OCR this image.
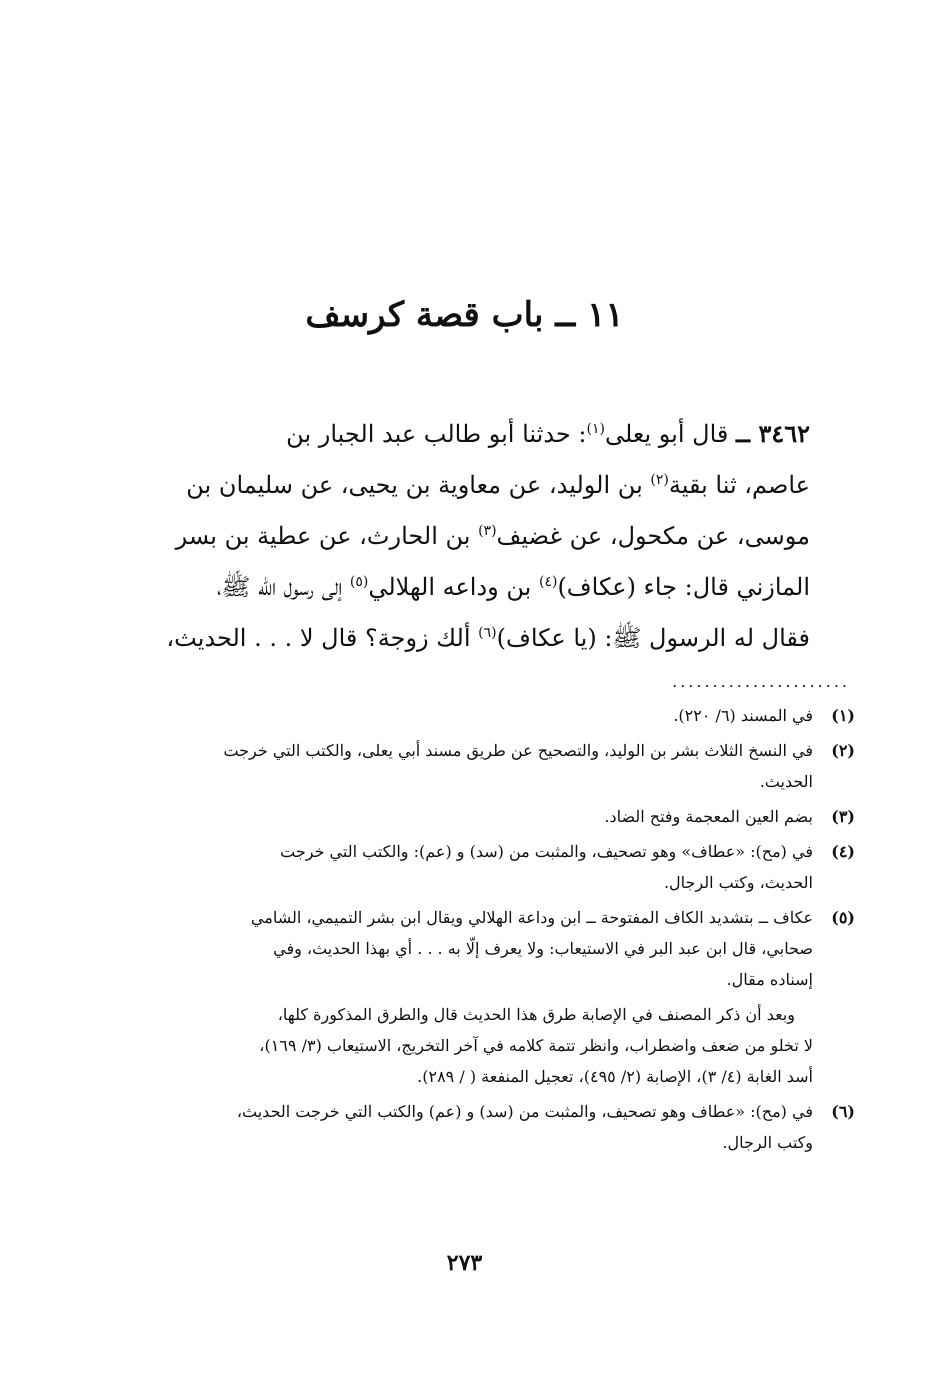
١١ ــ باب قصة كرسف
٣٤٦٢ ــ قال أبو يعلى$^{(١)}$: حدثنا أبو طالب عبد الجبار بن
عاصم، ثنا بقية$^{(٢)}$ بن الوليد، عن معاوية بن يحيى، عن سليمان بن
موسى، عن مكحول، عن غضيف$^{(٣)}$ بن الحارث، عن عطية بن بسر
المازني قال: جاء (عكاف)$^{(٤)}$ بن وداعه الهلالي$^{(٥)}$ إلى رسول الله ﷺ،
فقال له الرسول ﷺ: (يا عكاف)$^{(٦)}$ ألك زوجة؟ قال لا . . . الحديث،
......................
(١)
في المسند (٦/ ٢٢٠).
(٢)
في النسخ الثلاث بشر بن الوليد، والتصحيح عن طريق مسند أبي يعلى، والكتب التي خرجت
الحديث.
(٣)
بضم العين المعجمة وفتح الضاد.
(٤)
في (مح): «عطاف» وهو تصحيف، والمثبت من (سد) و (عم): والكتب التي خرجت
الحديث، وكتب الرجال.
(٥)
عكاف ــ بتشديد الكاف المفتوحة ــ ابن وداعة الهلالي ويقال ابن بشر التميمي، الشامي
صحابي، قال ابن عبد البر في الاستيعاب: ولا يعرف إلّا به . . . أي بهذا الحديث، وفي
إسناده مقال.
وبعد أن ذكر المصنف في الإصابة طرق هذا الحديث قال والطرق المذكورة كلها،
لا تخلو من ضعف واضطراب، وانظر تتمة كلامه في آخر التخريج، الاستيعاب (٣/ ١٦٩)،
أسد الغابة (٤/ ٣)، الإصابة (٢/ ٤٩٥)، تعجيل المنفعة ( / ٢٨٩).
(٦)
في (مح): «عطاف وهو تصحيف، والمثبت من (سد) و (عم) والكتب التي خرجت الحديث،
وكتب الرجال.
٢٧٣
